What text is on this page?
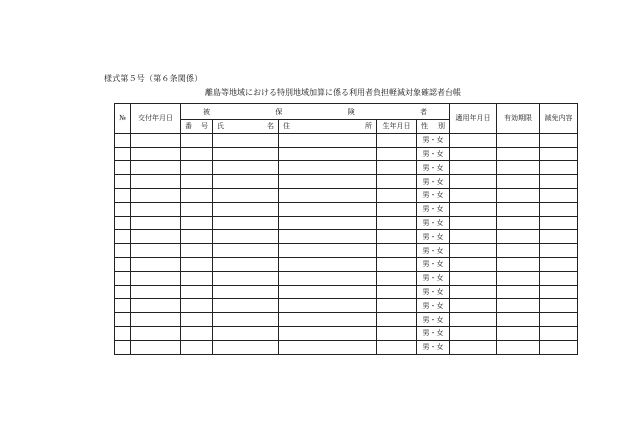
様式第５号（第６条関係）
離島等地域における特別地域加算に係る利用者負担軽減対象確認者台帳
№	交付年月日	被 保 険 者					適用年月日	有効期限	減免内容

		番 号	氏 名	住 所	生年月日	性 別			

						男・女			
						男・女			
						男・女			
						男・女			
						男・女			
						男・女			
						男・女			
						男・女			
						男・女			
						男・女			
						男・女			
						男・女			
						男・女			
						男・女			
						男・女			
						男・女			
